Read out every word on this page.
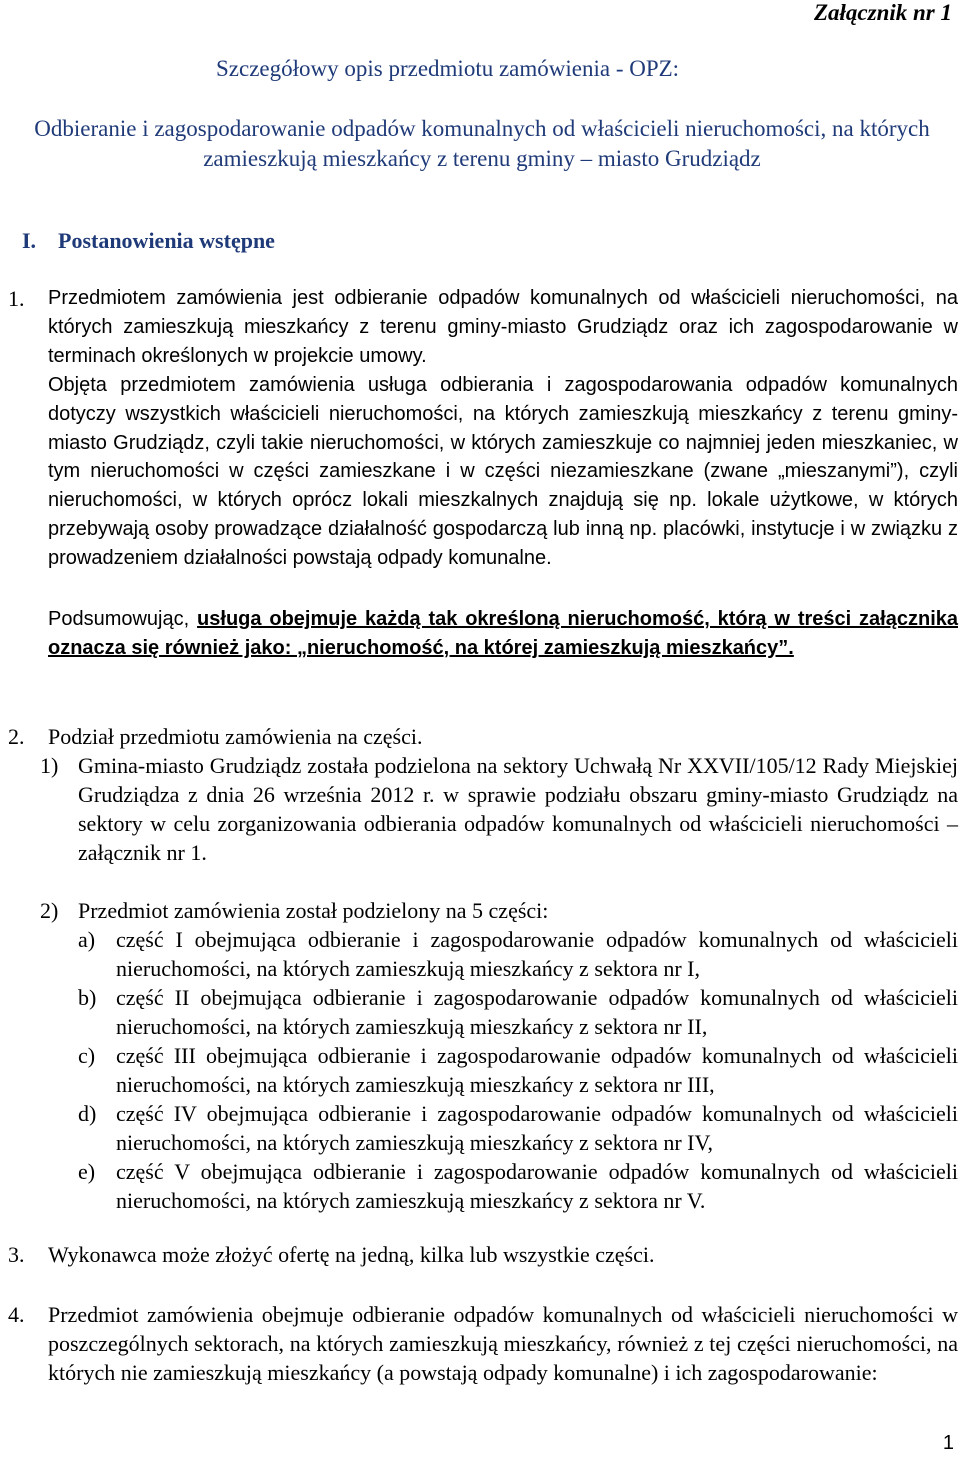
Załącznik nr 1
Szczegółowy opis przedmiotu zamówienia - OPZ:
Odbieranie i zagospodarowanie odpadów komunalnych od właścicieli nieruchomości, na których zamieszkują mieszkańcy z terenu gminy – miasto Grudziądz
I. Postanowienia wstępne
1. Przedmiotem zamówienia jest odbieranie odpadów komunalnych od właścicieli nieruchomości, na których zamieszkują mieszkańcy z terenu gminy-miasto Grudziądz oraz ich zagospodarowanie w terminach określonych w projekcie umowy.
Objęta przedmiotem zamówienia usługa odbierania i zagospodarowania odpadów komunalnych dotyczy wszystkich właścicieli nieruchomości, na których zamieszkują mieszkańcy z terenu gminy-miasto Grudziądz, czyli takie nieruchomości, w których zamieszkuje co najmniej jeden mieszkaniec, w tym nieruchomości w części zamieszkane i w części niezamieszkane (zwane „mieszanymi”), czyli nieruchomości, w których oprócz lokali mieszkalnych znajdują się np. lokale użytkowe, w których przebywają osoby prowadzące działalność gospodarczą lub inną np. placówki, instytucje i w związku z prowadzeniem działalności powstają odpady komunalne.
Podsumowując, usługa obejmuje każdą tak określoną nieruchomość, którą w treści załącznika oznacza się również jako: „nieruchomość, na której zamieszkują mieszkańcy”.
2. Podział przedmiotu zamówienia na części.
1) Gmina-miasto Grudziądz została podzielona na sektory Uchwałą Nr XXVII/105/12 Rady Miejskiej Grudziądza z dnia 26 września 2012 r. w sprawie podziału obszaru gminy-miasto Grudziądz na sektory w celu zorganizowania odbierania odpadów komunalnych od właścicieli nieruchomości – załącznik nr 1.
2) Przedmiot zamówienia został podzielony na 5 części:
a) część I obejmująca odbieranie i zagospodarowanie odpadów komunalnych od właścicieli nieruchomości, na których zamieszkują mieszkańcy z sektora nr I,
b) część II obejmująca odbieranie i zagospodarowanie odpadów komunalnych od właścicieli nieruchomości, na których zamieszkują mieszkańcy z sektora nr II,
c) część III obejmująca odbieranie i zagospodarowanie odpadów komunalnych od właścicieli nieruchomości, na których zamieszkują mieszkańcy z sektora nr III,
d) część IV obejmująca odbieranie i zagospodarowanie odpadów komunalnych od właścicieli nieruchomości, na których zamieszkują mieszkańcy z sektora nr IV,
e) część V obejmująca odbieranie i zagospodarowanie odpadów komunalnych od właścicieli nieruchomości, na których zamieszkują mieszkańcy z sektora nr V.
3. Wykonawca może złożyć ofertę na jedną, kilka lub wszystkie części.
4. Przedmiot zamówienia obejmuje odbieranie odpadów komunalnych od właścicieli nieruchomości w poszczególnych sektorach, na których zamieszkują mieszkańcy, również z tej części nieruchomości, na których nie zamieszkują mieszkańcy (a powstają odpady komunalne) i ich zagospodarowanie:
1
